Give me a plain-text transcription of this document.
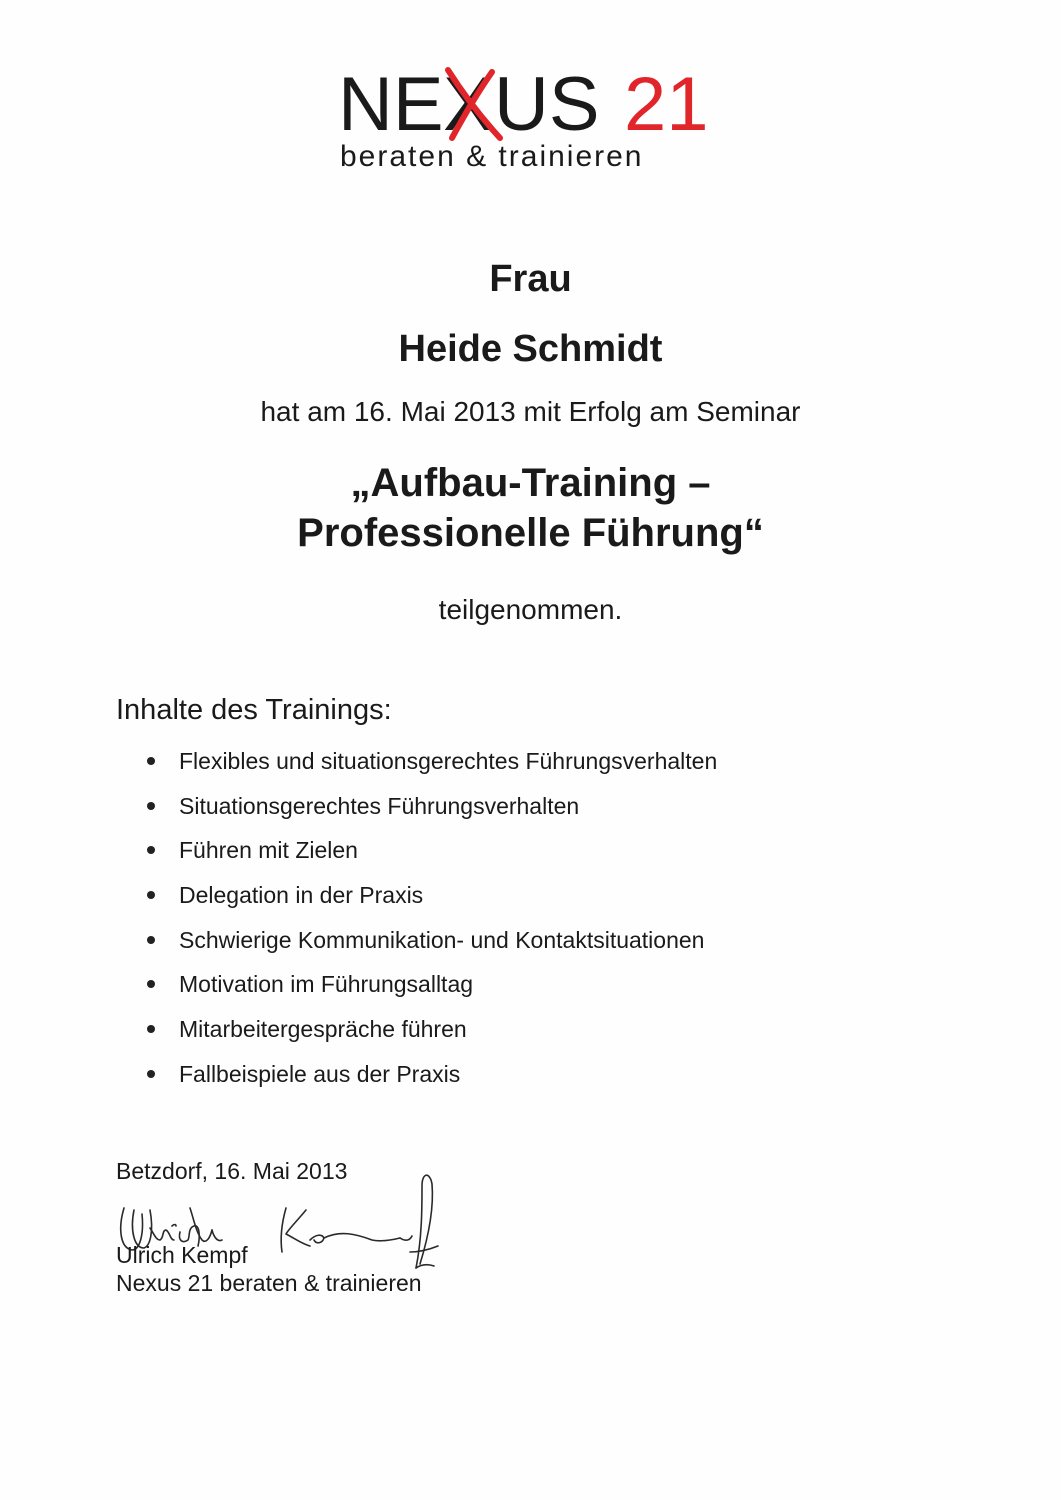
NE X US 21
beraten & trainieren
Frau
Heide Schmidt
hat am 16. Mai 2013 mit Erfolg am Seminar
„Aufbau-Training –
Professionelle Führung“
teilgenommen.
Inhalte des Trainings:
Flexibles und situationsgerechtes Führungsverhalten
Situationsgerechtes Führungsverhalten
Führen mit Zielen
Delegation in der Praxis
Schwierige Kommunikation- und Kontaktsituationen
Motivation im Führungsalltag
Mitarbeitergespräche führen
Fallbeispiele aus der Praxis
Betzdorf, 16. Mai 2013
Ulrich Kempf
Nexus 21 beraten & trainieren
